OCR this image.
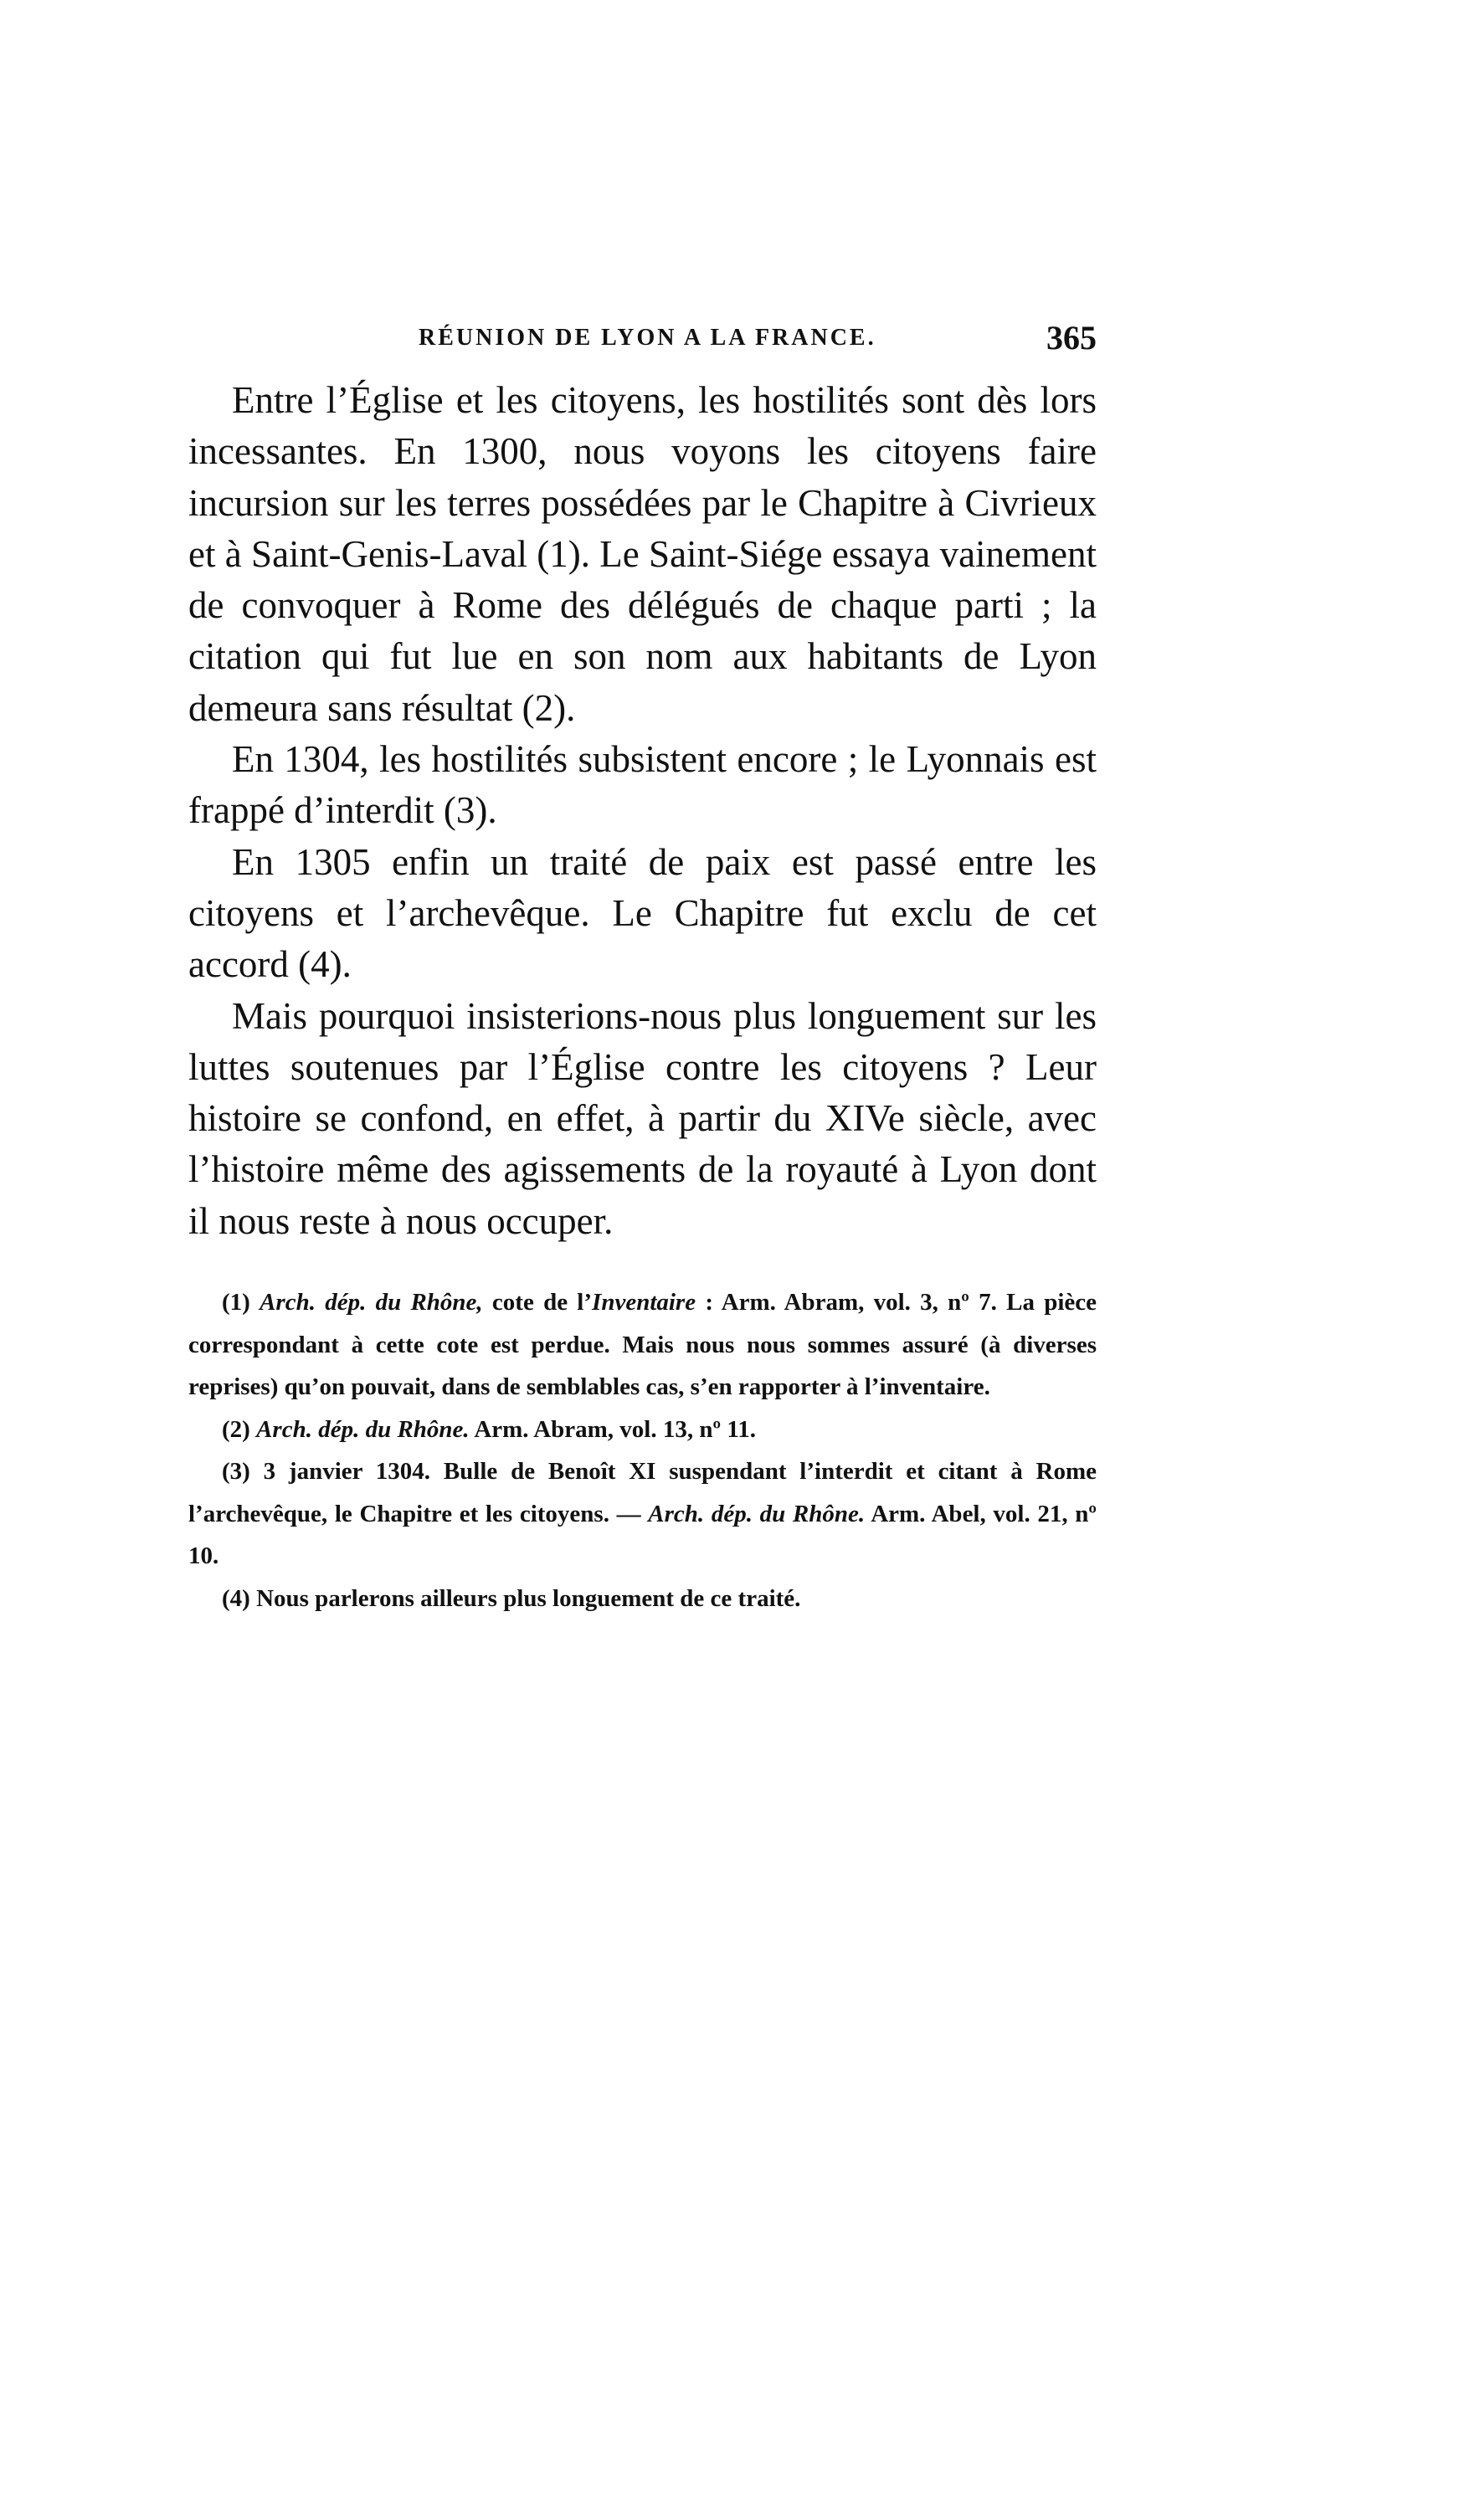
RÉUNION DE LYON A LA FRANCE.	365

Entre l’Église et les citoyens, les hostilités sont dès lors incessantes. En 1300, nous voyons les citoyens faire incursion sur les terres possédées par le Chapitre à Civrieux et à Saint-Genis-Laval (1). Le Saint-Siége essaya vainement de convoquer à Rome des délégués de chaque parti ; la citation qui fut lue en son nom aux habitants de Lyon demeura sans résultat (2).

En 1304, les hostilités subsistent encore ; le Lyonnais est frappé d’interdit (3).

En 1305 enfin un traité de paix est passé entre les citoyens et l’archevêque. Le Chapitre fut exclu de cet accord (4).

Mais pourquoi insisterions-nous plus longuement sur les luttes soutenues par l’Église contre les citoyens ? Leur histoire se confond, en effet, à partir du XIVe siècle, avec l’histoire même des agissements de la royauté à Lyon dont il nous reste à nous occuper.

(1) Arch. dép. du Rhône, cote de l’Inventaire : Arm. Abram, vol. 3, nº 7. La pièce correspondant à cette cote est perdue. Mais nous nous sommes assuré (à diverses reprises) qu’on pouvait, dans de semblables cas, s’en rapporter à l’inventaire.

(2) Arch. dép. du Rhône. Arm. Abram, vol. 13, nº 11.

(3) 3 janvier 1304. Bulle de Benoît XI suspendant l’interdit et citant à Rome l’archevêque, le Chapitre et les citoyens. — Arch. dép. du Rhône. Arm. Abel, vol. 21, nº 10.

(4) Nous parlerons ailleurs plus longuement de ce traité.
